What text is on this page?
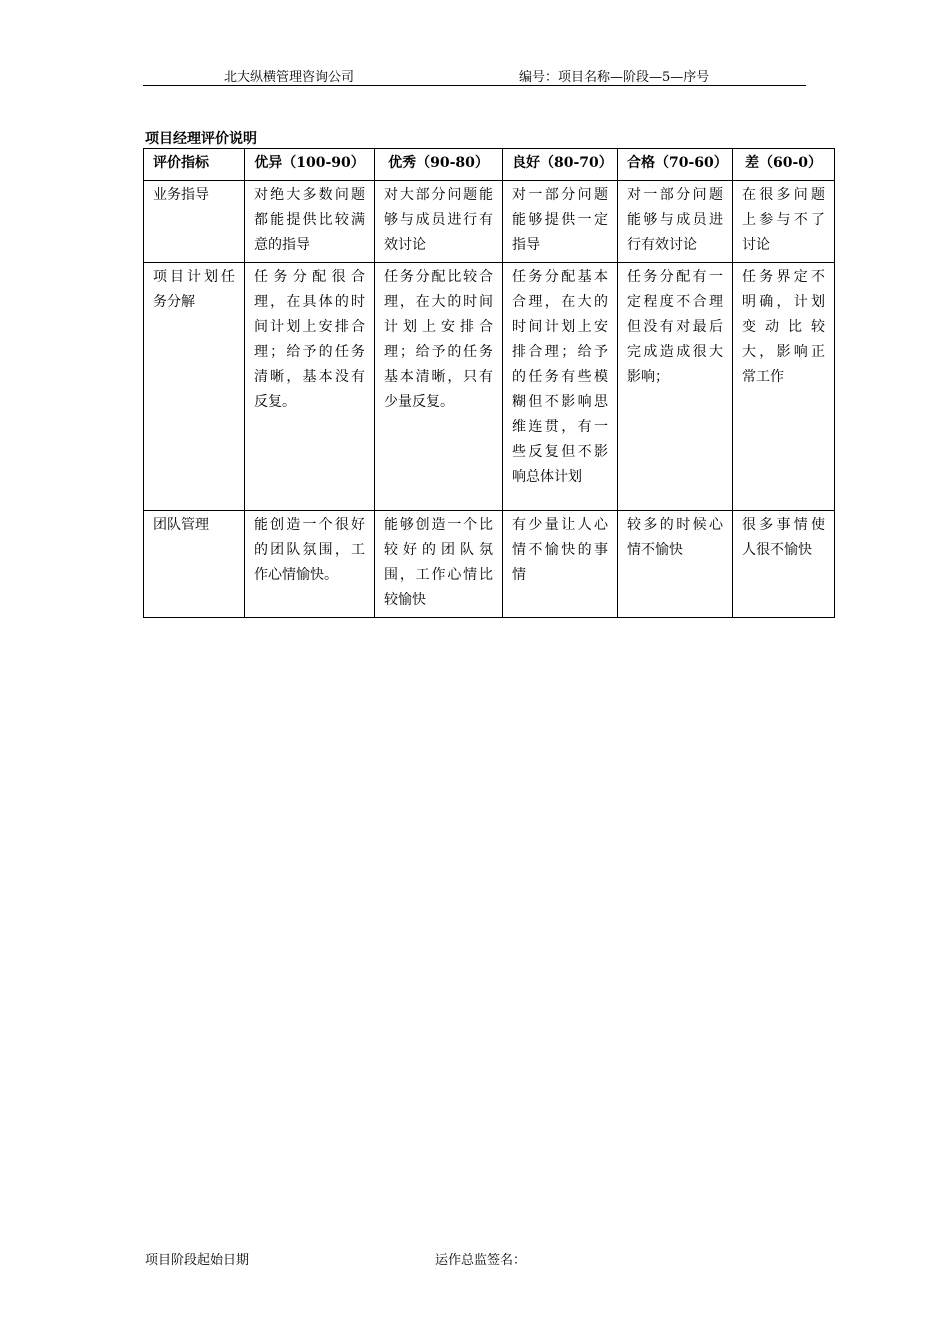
北大纵横管理咨询公司	编号：项目名称—阶段—5—序号
项目经理评价说明
评价指标	优异（100-90）	优秀（90-80）	良好（80-70）	合格（70-60）	差（60-0）
业务指导	对绝大多数问题都能提供比较满意的指导	对大部分问题能够与成员进行有效讨论	对一部分问题能够提供一定指导	对一部分问题能够与成员进行有效讨论	在很多问题上参与不了讨论
项目计划任务分解	任务分配很合理，在具体的时间计划上安排合理；给予的任务清晰，基本没有反复。	任务分配比较合理，在大的时间计划上安排合理；给予的任务基本清晰，只有少量反复。	任务分配基本合理，在大的时间计划上安排合理；给予的任务有些模糊但不影响思维连贯，有一些反复但不影响总体计划	任务分配有一定程度不合理但没有对最后完成造成很大影响；	任务界定不明确，计划变动比较大，影响正常工作
团队管理	能创造一个很好的团队氛围，工作心情愉快。	能够创造一个比较好的团队氛围，工作心情比较愉快	有少量让人心情不愉快的事情	较多的时候心情不愉快	很多事情使人很不愉快
项目阶段起始日期	运作总监签名：
